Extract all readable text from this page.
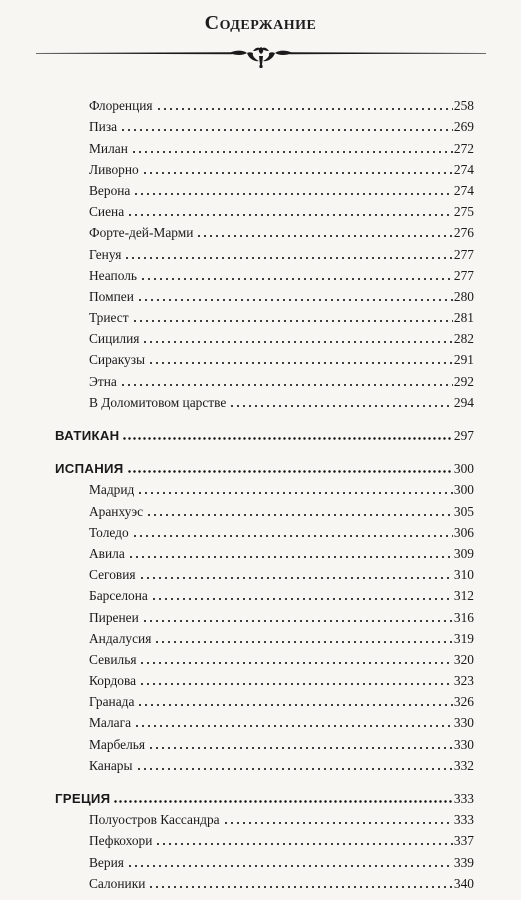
Содержание
Флоренция	258
Пиза	269
Милан	272
Ливорно	274
Верона	274
Сиена	275
Форте-дей-Марми	276
Генуя	277
Неаполь	277
Помпеи	280
Триест	281
Сицилия	282
Сиракузы	291
Этна	292
В Доломитовом царстве	294
ВАТИКАН	297
ИСПАНИЯ	300
Мадрид	300
Аранхуэс	305
Толедо	306
Авила	309
Сеговия	310
Барселона	312
Пиренеи	316
Андалусия	319
Севилья	320
Кордова	323
Гранада	326
Малага	330
Марбелья	330
Канары	332
ГРЕЦИЯ	333
Полуостров Кассандра	333
Пефкохори	337
Верия	339
Салоники	340
